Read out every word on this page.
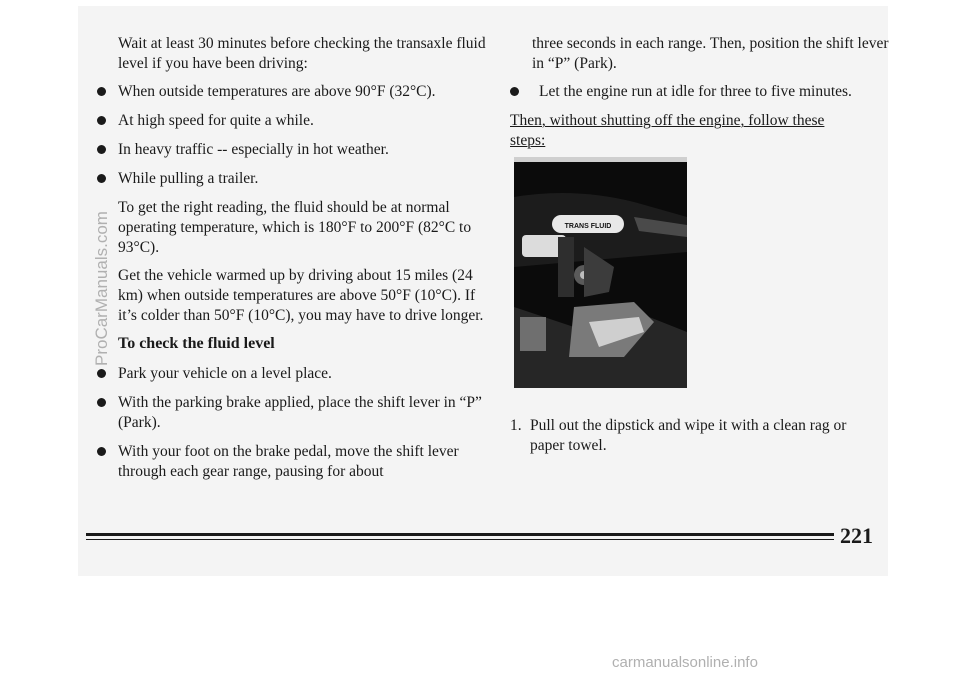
Wait at least 30 minutes before checking the transaxle fluid level if you have been driving:

When outside temperatures are above 90°F (32°C).

At high speed for quite a while.

In heavy traffic -- especially in hot weather.

While pulling a trailer.

To get the right reading, the fluid should be at normal operating temperature, which is 180°F to 200°F (82°C to 93°C).

Get the vehicle warmed up by driving about 15 miles (24 km) when outside temperatures are above 50°F (10°C). If it’s colder than 50°F (10°C), you may have to drive longer.

To check the fluid level

Park your vehicle on a level place.

With the parking brake applied, place the shift lever in “P” (Park).

With your foot on the brake pedal, move the shift lever through each gear range, pausing for about

three seconds in each range. Then, position the shift lever in “P” (Park).

Let the engine run at idle for three to five minutes.

Then, without shutting off the engine, follow these steps:

TRANS FLUID

1. Pull out the dipstick and wipe it with a clean rag or paper towel.

221
ProCarManuals.com
carmanualsonline.info
